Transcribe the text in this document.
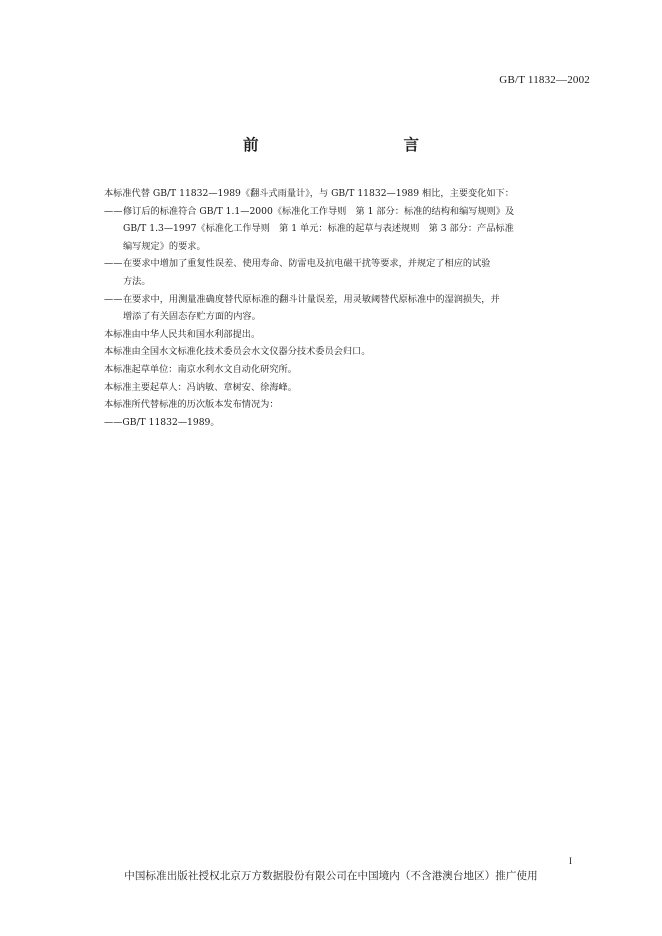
GB/T 11832—2002
前　　言

本标准代替 GB/T 11832—1989《翻斗式雨量计》，与 GB/T 11832—1989 相比，主要变化如下：

—— 修订后的标准符合 GB/T 1.1—2000《标准化工作导则　第 1 部分：标准的结构和编写规则》及
GB/T 1.3—1997《标准化工作导则　第 1 单元：标准的起草与表述规则　第 3 部分：产品标准
编写规定》的要求。
—— 在要求中增加了重复性误差、使用寿命、防雷电及抗电磁干扰等要求，并规定了相应的试验
方法。
—— 在要求中，用测量准确度替代原标准的翻斗计量误差，用灵敏阈替代原标准中的湿润损失，并
增添了有关固态存贮方面的内容。

本标准由中华人民共和国水利部提出。

本标准由全国水文标准化技术委员会水文仪器分技术委员会归口。

本标准起草单位：南京水利水文自动化研究所。

本标准主要起草人：冯讷敏、章树安、徐海峰。

本标准所代替标准的历次版本发布情况为：

——GB/T 11832—1989。

I
中国标准出版社授权北京万方数据股份有限公司在中国境内（不含港澳台地区）推广使用
